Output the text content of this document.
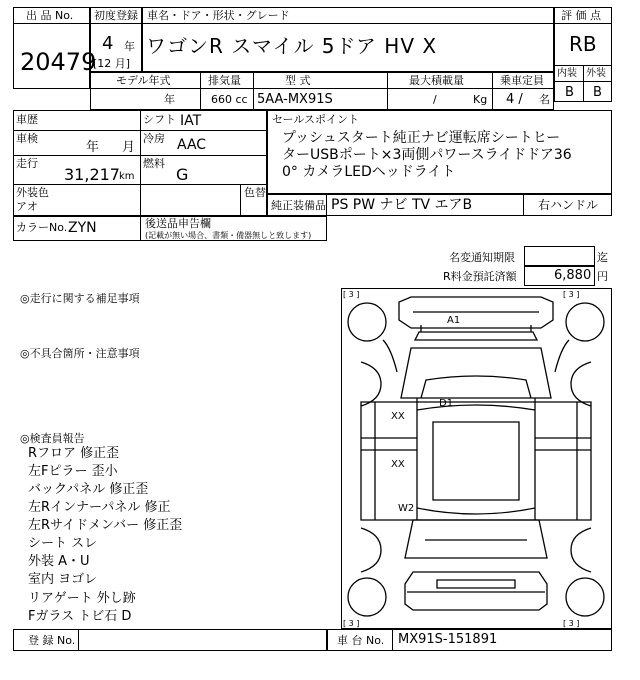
出 品 No.
20479
初度登録
4 年
[12 月]
車名・ドア・形状・グレード
ワゴンR スマイル 5ドア HV X
評 価 点
RB
内装 外装
B B
モデル年式
年
排気量
660 cc
型 式
5AA-MX91S
最大積載量
/	Kg
乗車定員
4 / 名
車歴	シフト IAT
車検
年 月
冷房 AAC
走行
31,217 km
燃料
G
外装色
アオ
色替
セールスポイント
プッシュスタート純正ナビ運転席シートヒー
ターUSBポート×3両側パワースライドドア36
0° カメラLEDヘッドライト
純正装備品 PS PW ナビ TV エアB	右ハンドル
カラーNo. ZYN	後送品申告欄
(記載が無い場合、書類・備器無しと致します)
名変通知期限	迄
R料金預託済額	6,880 円
◎走行に関する補足事項
◎不具合箇所・注意事項
◎検査員報告
Rフロア 修正歪
左Fピラー 歪小
バックパネル 修正歪
左Rインナーパネル 修正
左Rサイドメンバー 修正歪
シート スレ
外装 A・U
室内 ヨゴレ
リアゲート 外し跡
Fガラス トビ石 D
[ 3 ]	[ 3 ]
[ 3 ]	[ 3 ]
A1
D1
XX
XX
W2
登 録 No.	車 台 No. MX91S-151891
